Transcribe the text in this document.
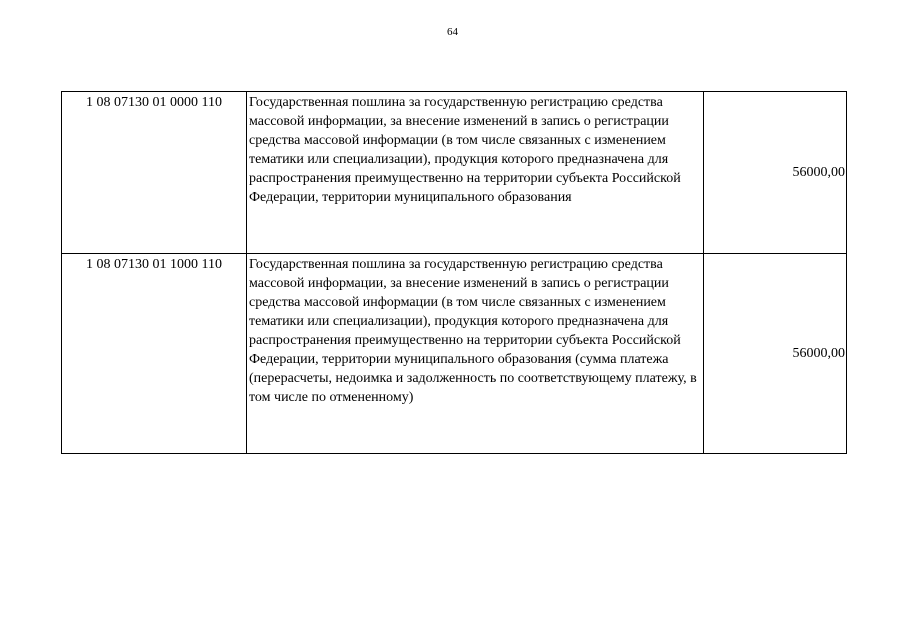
64
1 08 07130 01 0000 110	Государственная пошлина за государственную регистрацию средства массовой информации, за внесение изменений в запись о регистрации средства массовой информации (в том числе связанных с изменением тематики или специализации), продукция которого предназначена для распространения преимущественно на территории субъекта Российской Федерации, территории муниципального образования	56000,00
1 08 07130 01 1000 110	Государственная пошлина за государственную регистрацию средства массовой информации, за внесение изменений в запись о регистрации средства массовой информации (в том числе связанных с изменением тематики или специализации), продукция которого предназначена для распространения преимущественно на территории субъекта Российской Федерации, территории муниципального образования (сумма платежа (перерасчеты, недоимка и задолженность по соответствующему платежу, в том числе по отмененному)	56000,00
